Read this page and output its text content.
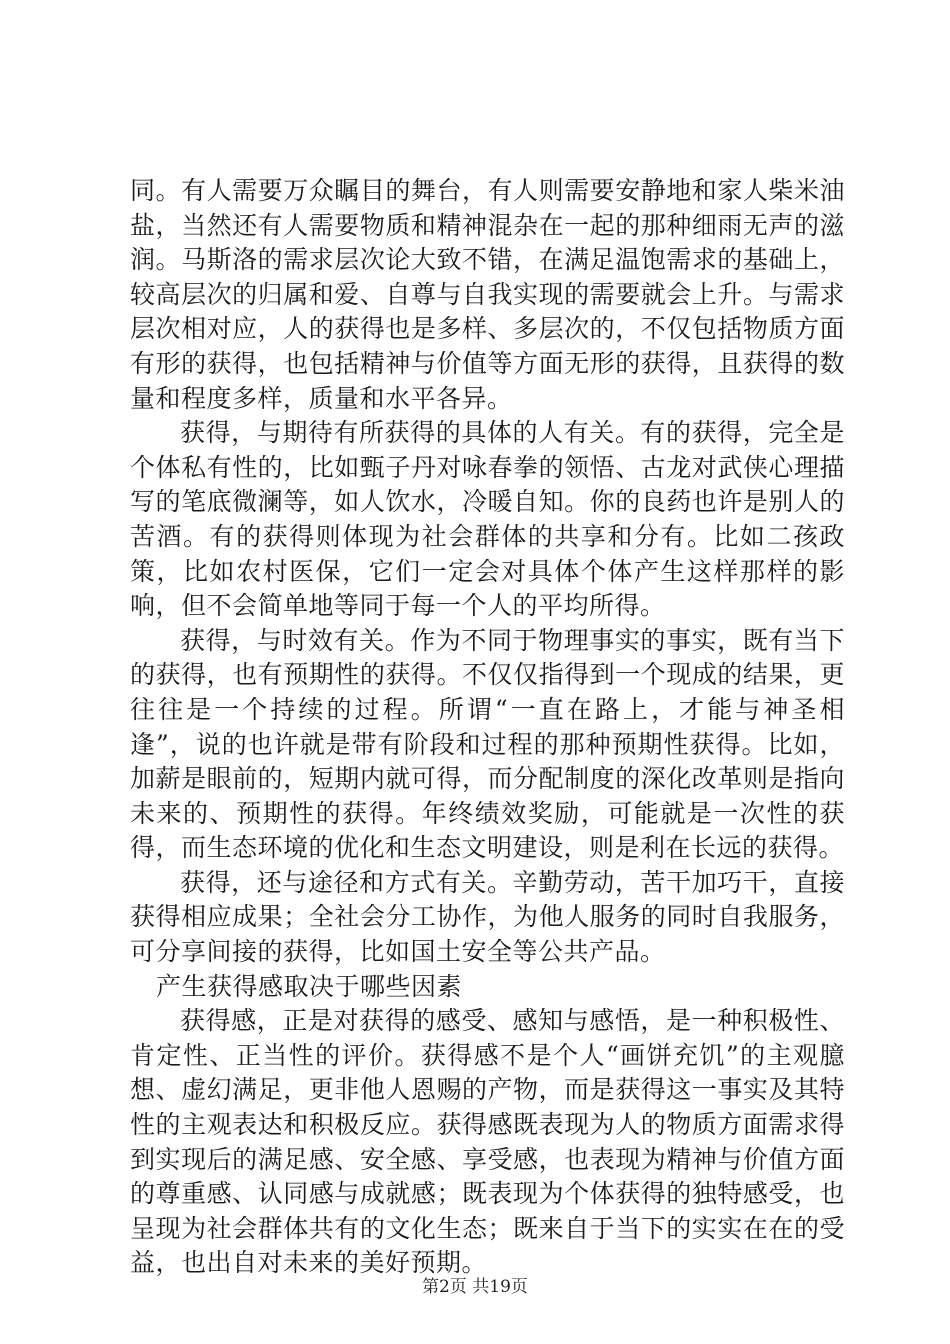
同。有人需要万众瞩目的舞台，有人则需要安静地和家人柴米油盐，当然还有人需要物质和精神混杂在一起的那种细雨无声的滋润。马斯洛的需求层次论大致不错，在满足温饱需求的基础上，较高层次的归属和爱、自尊与自我实现的需要就会上升。与需求层次相对应，人的获得也是多样、多层次的，不仅包括物质方面有形的获得，也包括精神与价值等方面无形的获得，且获得的数量和程度多样，质量和水平各异。

获得，与期待有所获得的具体的人有关。有的获得，完全是个体私有性的，比如甄子丹对咏春拳的领悟、古龙对武侠心理描写的笔底微澜等，如人饮水，冷暖自知。你的良药也许是别人的苦酒。有的获得则体现为社会群体的共享和分有。比如二孩政策，比如农村医保，它们一定会对具体个体产生这样那样的影响，但不会简单地等同于每一个人的平均所得。

获得，与时效有关。作为不同于物理事实的事实，既有当下的获得，也有预期性的获得。不仅仅指得到一个现成的结果，更往往是一个持续的过程。所谓“一直在路上，才能与神圣相逢”，说的也许就是带有阶段和过程的那种预期性获得。比如，加薪是眼前的，短期内就可得，而分配制度的深化改革则是指向未来的、预期性的获得。年终绩效奖励，可能就是一次性的获得，而生态环境的优化和生态文明建设，则是利在长远的获得。

获得，还与途径和方式有关。辛勤劳动，苦干加巧干，直接获得相应成果；全社会分工协作，为他人服务的同时自我服务，可分享间接的获得，比如国土安全等公共产品。

产生获得感取决于哪些因素

获得感，正是对获得的感受、感知与感悟，是一种积极性、肯定性、正当性的评价。获得感不是个人“画饼充饥”的主观臆想、虚幻满足，更非他人恩赐的产物，而是获得这一事实及其特性的主观表达和积极反应。获得感既表现为人的物质方面需求得到实现后的满足感、安全感、享受感，也表现为精神与价值方面的尊重感、认同感与成就感；既表现为个体获得的独特感受，也呈现为社会群体共有的文化生态；既来自于当下的实实在在的受益，也出自对未来的美好预期。

第2页 共19页
